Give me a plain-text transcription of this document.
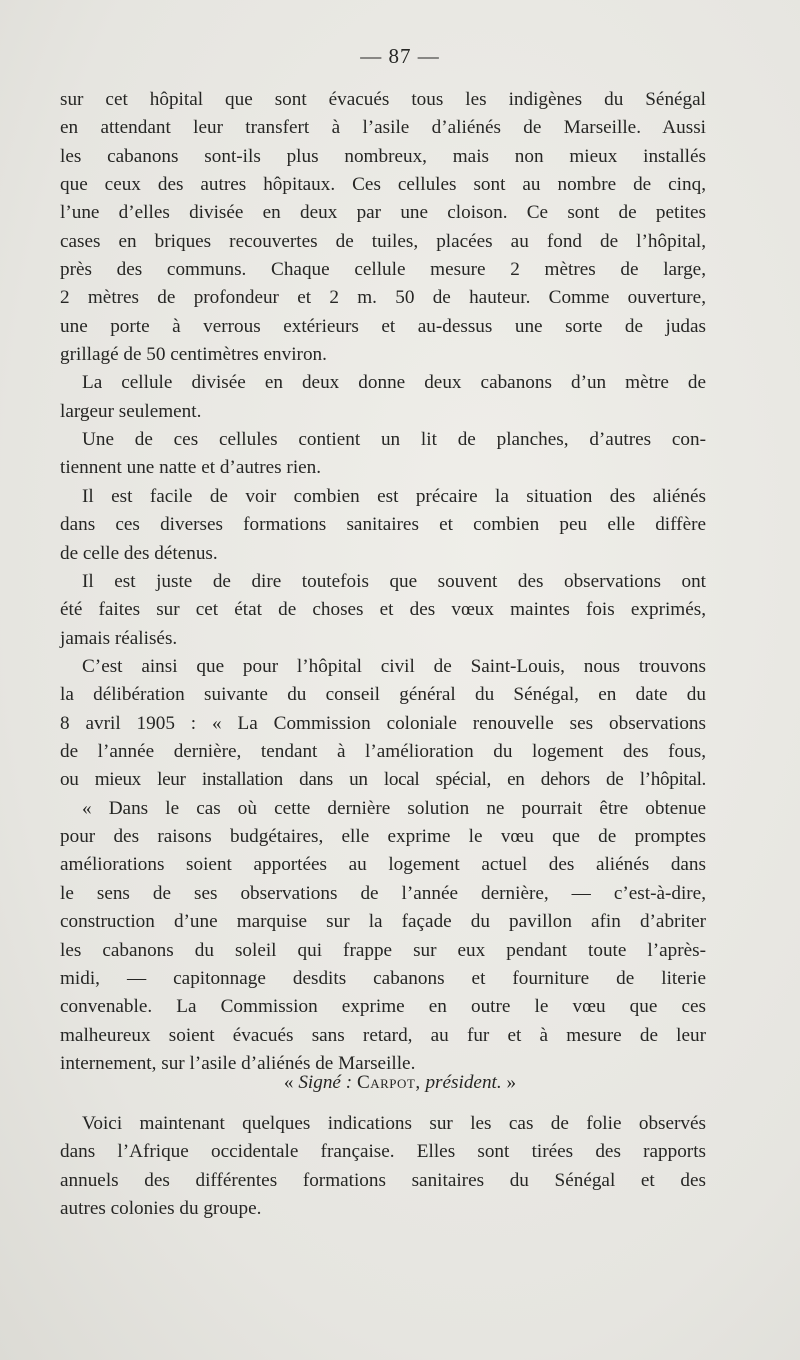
— 87 —
sur cet hôpital que sont évacués tous les indigènes du Sénégal
en attendant leur transfert à l’asile d’aliénés de Marseille. Aussi
les cabanons sont-ils plus nombreux, mais non mieux installés
que ceux des autres hôpitaux. Ces cellules sont au nombre de cinq,
l’une d’elles divisée en deux par une cloison. Ce sont de petites
cases en briques recouvertes de tuiles, placées au fond de l’hôpital,
près des communs. Chaque cellule mesure 2 mètres de large,
2 mètres de profondeur et 2 m. 50 de hauteur. Comme ouverture,
une porte à verrous extérieurs et au-dessus une sorte de judas
grillagé de 50 centimètres environ.
La cellule divisée en deux donne deux cabanons d’un mètre de
largeur seulement.
Une de ces cellules contient un lit de planches, d’autres con-
tiennent une natte et d’autres rien.
Il est facile de voir combien est précaire la situation des aliénés
dans ces diverses formations sanitaires et combien peu elle diffère
de celle des détenus.
Il est juste de dire toutefois que souvent des observations ont
été faites sur cet état de choses et des vœux maintes fois exprimés,
jamais réalisés.
C’est ainsi que pour l’hôpital civil de Saint-Louis, nous trouvons
la délibération suivante du conseil général du Sénégal, en date du
8 avril 1905 : « La Commission coloniale renouvelle ses observations
de l’année dernière, tendant à l’amélioration du logement des fous,
ou mieux leur installation dans un local spécial, en dehors de l’hôpital.
« Dans le cas où cette dernière solution ne pourrait être obtenue
pour des raisons budgétaires, elle exprime le vœu que de promptes
améliorations soient apportées au logement actuel des aliénés dans
le sens de ses observations de l’année dernière, — c’est-à-dire,
construction d’une marquise sur la façade du pavillon afin d’abriter
les cabanons du soleil qui frappe sur eux pendant toute l’après-
midi, — capitonnage desdits cabanons et fourniture de literie
convenable. La Commission exprime en outre le vœu que ces
malheureux soient évacués sans retard, au fur et à mesure de leur
internement, sur l’asile d’aliénés de Marseille.
« Signé : Carpot, président. »
Voici maintenant quelques indications sur les cas de folie observés
dans l’Afrique occidentale française. Elles sont tirées des rapports
annuels des différentes formations sanitaires du Sénégal et des
autres colonies du groupe.
